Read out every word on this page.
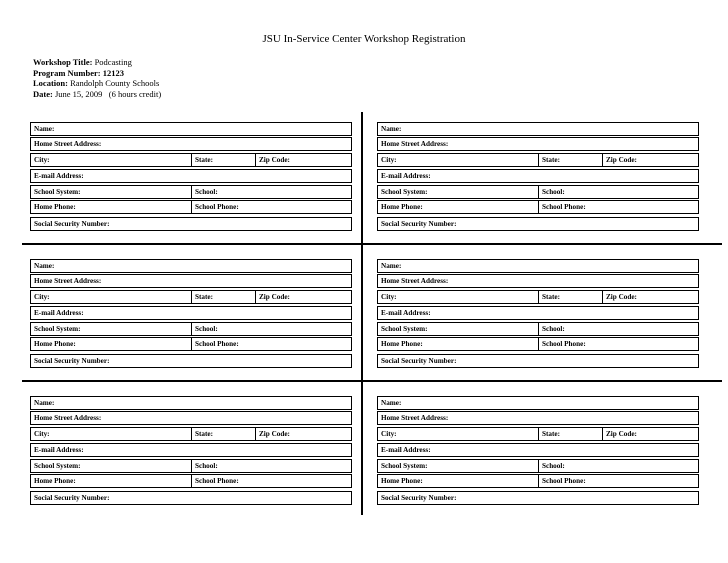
JSU In-Service Center Workshop Registration
Workshop Title: Podcasting
Program Number: 12123
Location: Randolph County Schools
Date: June 15, 2009   (6 hours credit)
Name:
Home Street Address:
City:	State:	Zip Code:
E-mail Address:
School System:	School:
Home Phone:	School Phone:
Social Security Number:
Name:
Home Street Address:
City:	State:	Zip Code:
E-mail Address:
School System:	School:
Home Phone:	School Phone:
Social Security Number:
Name:
Home Street Address:
City:	State:	Zip Code:
E-mail Address:
School System:	School:
Home Phone:	School Phone:
Social Security Number:
Name:
Home Street Address:
City:	State:	Zip Code:
E-mail Address:
School System:	School:
Home Phone:	School Phone:
Social Security Number:
Name:
Home Street Address:
City:	State:	Zip Code:
E-mail Address:
School System:	School:
Home Phone:	School Phone:
Social Security Number:
Name:
Home Street Address:
City:	State:	Zip Code:
E-mail Address:
School System:	School:
Home Phone:	School Phone:
Social Security Number:
